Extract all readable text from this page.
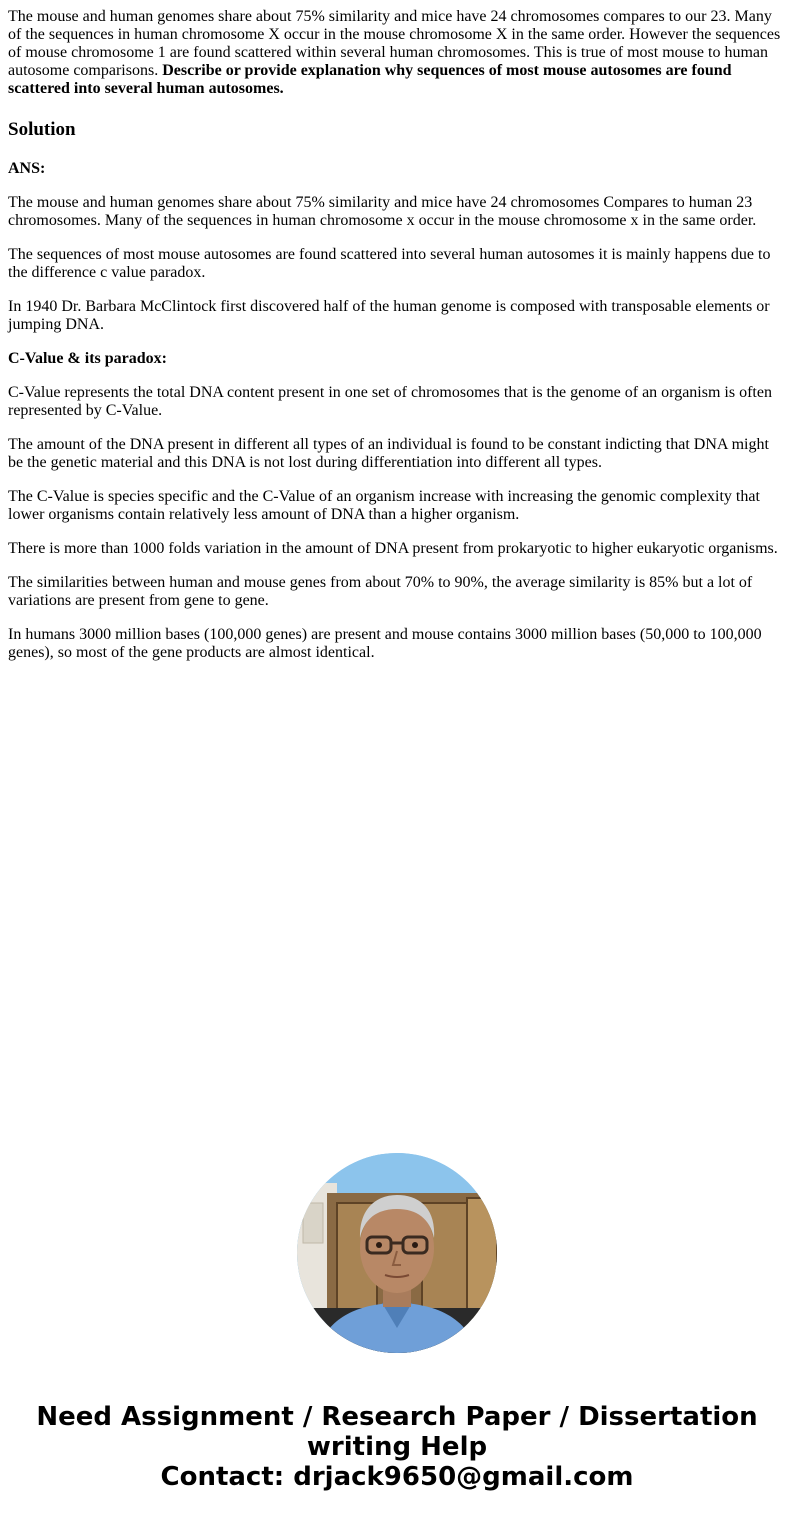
The mouse and human genomes share about 75% similarity and mice have 24 chromosomes compares to our 23. Many of the sequences in human chromosome X occur in the mouse chromosome X in the same order. However the sequences of mouse chromosome 1 are found scattered within several human chromosomes. This is true of most mouse to human autosome comparisons. Describe or provide explanation why sequences of most mouse autosomes are found scattered into several human autosomes.

Solution

ANS:

The mouse and human genomes share about 75% similarity and mice have 24 chromosomes Compares to human 23 chromosomes. Many of the sequences in human chromosome x occur in the mouse chromosome x in the same order.

The sequences of most mouse autosomes are found scattered into several human autosomes it is mainly happens due to the difference c value paradox.

In 1940 Dr. Barbara McClintock first discovered half of the human genome is composed with transposable elements or jumping DNA.

C-Value & its paradox:

C-Value represents the total DNA content present in one set of chromosomes that is the genome of an organism is often represented by C-Value.

The amount of the DNA present in different all types of an individual is found to be constant indicting that DNA might be the genetic material and this DNA is not lost during differentiation into different all types.

The C-Value is species specific and the C-Value of an organism increase with increasing the genomic complexity that lower organisms contain relatively less amount of DNA than a higher organism.

There is more than 1000 folds variation in the amount of DNA present from prokaryotic to higher eukaryotic organisms.

The similarities between human and mouse genes from about 70% to 90%, the average similarity is 85% but a lot of variations are present from gene to gene.

In humans 3000 million bases (100,000 genes) are present and mouse contains 3000 million bases (50,000 to 100,000 genes), so most of the gene products are almost identical.

Need Assignment / Research Paper / Dissertation
writing Help
Contact: drjack9650@gmail.com
